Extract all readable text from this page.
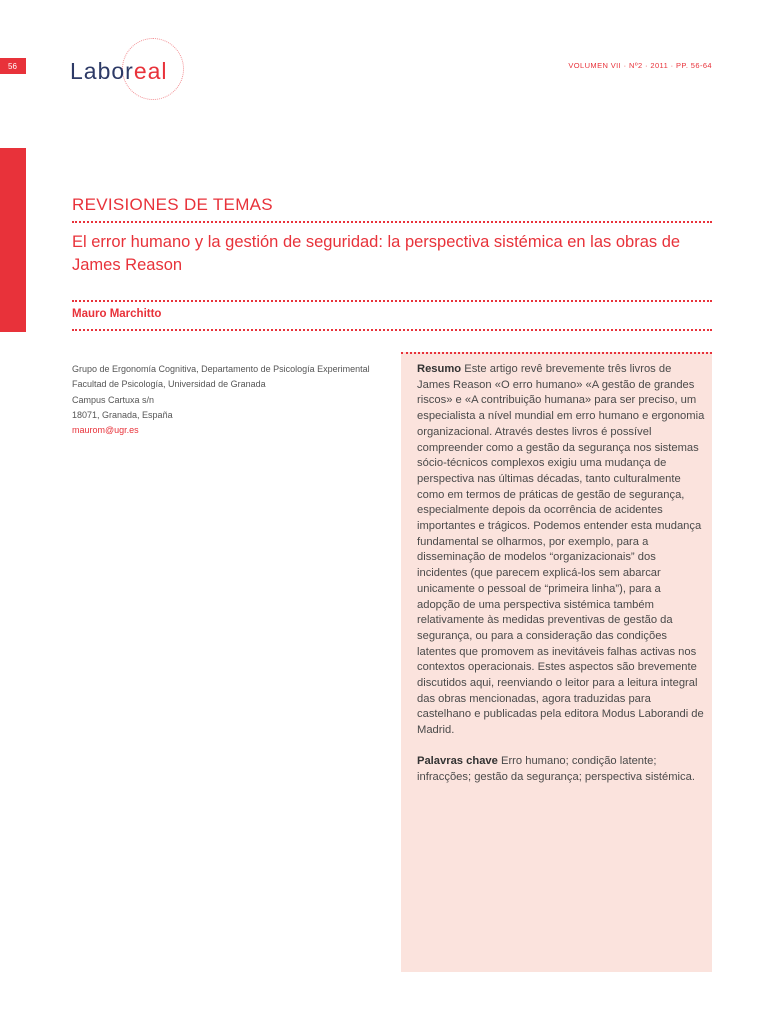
56	Laboreal	VOLUMEN VII · Nº2 · 2011 · PP. 56-64
REVISIONES DE TEMAS
El error humano y la gestión de seguridad: la perspectiva sistémica en las obras de James Reason
Mauro Marchitto
Grupo de Ergonomía Cognitiva, Departamento de Psicología Experimental
Facultad de Psicología, Universidad de Granada
Campus Cartuxa s/n
18071, Granada, España
maurom@ugr.es
Resumo Este artigo revê brevemente três livros de James Reason «O erro humano» «A gestão de grandes riscos» e «A contribuição humana» para ser preciso, um especialista a nível mundial em erro humano e ergonomia organizacional. Através destes livros é possível compreender como a gestão da segurança nos sistemas sócio-técnicos complexos exigiu uma mudança de perspectiva nas últimas décadas, tanto culturalmente como em termos de práticas de gestão de segurança, especialmente depois da ocorrência de acidentes importantes e trágicos. Podemos entender esta mudança fundamental se olharmos, por exemplo, para a disseminação de modelos “organizacionais” dos incidentes (que parecem explicá-los sem abarcar unicamente o pessoal de “primeira linha”), para a adopção de uma perspectiva sistémica também relativamente às medidas preventivas de gestão da segurança, ou para a consideração das condições latentes que promovem as inevitáveis falhas activas nos contextos operacionais. Estes aspectos são brevemente discutidos aqui, reenviando o leitor para a leitura integral das obras mencionadas, agora traduzidas para castelhano e publicadas pela editora Modus Laborandi de Madrid.
Palavras chave Erro humano; condição latente; infracções; gestão da segurança; perspectiva sistémica.
